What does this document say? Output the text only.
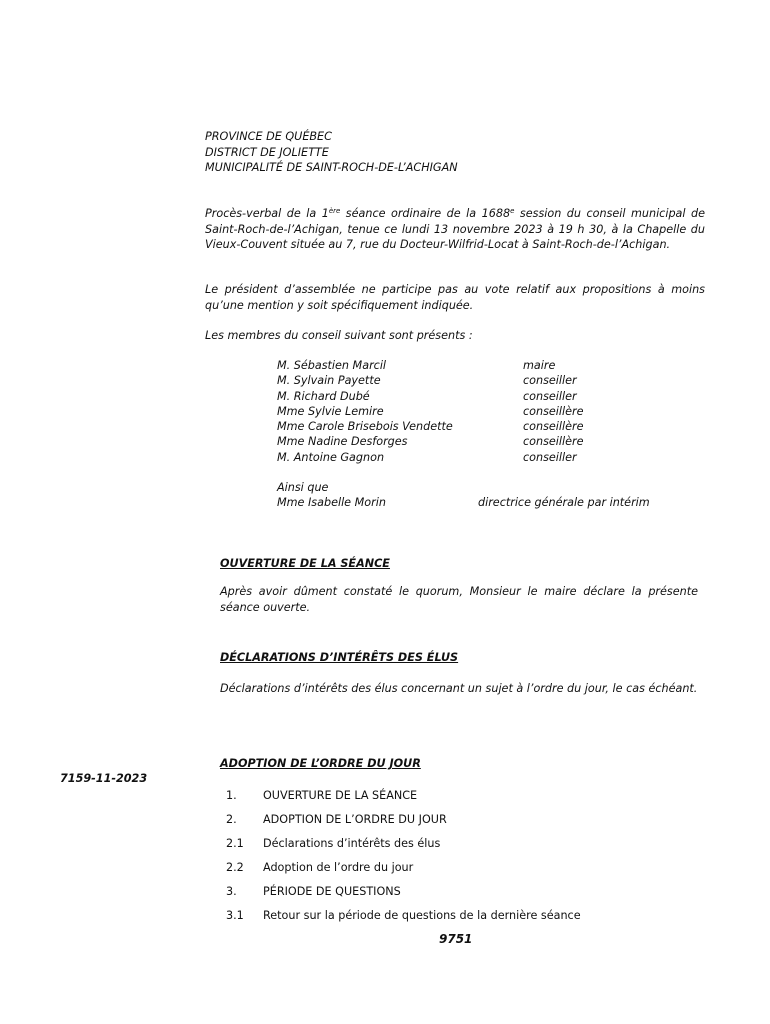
PROVINCE DE QUÉBEC
DISTRICT DE JOLIETTE
MUNICIPALITÉ DE SAINT-ROCH-DE-L’ACHIGAN
Procès-verbal de la 1ère séance ordinaire de la 1688e session du conseil municipal de Saint-Roch-de-l’Achigan, tenue ce lundi 13 novembre 2023 à 19 h 30, à la Chapelle du Vieux-Couvent située au 7, rue du Docteur-Wilfrid-Locat à Saint-Roch-de-l’Achigan.
Le président d’assemblée ne participe pas au vote relatif aux propositions à moins qu’une mention y soit spécifiquement indiquée.
Les membres du conseil suivant sont présents :
M. Sébastien Marcil	maire
M. Sylvain Payette	conseiller
M. Richard Dubé	conseiller
Mme Sylvie Lemire	conseillère
Mme Carole Brisebois Vendette	conseillère
Mme Nadine Desforges	conseillère
M. Antoine Gagnon	conseiller
Ainsi que
Mme Isabelle Morin	directrice générale par intérim
OUVERTURE DE LA SÉANCE
Après avoir dûment constaté le quorum, Monsieur le maire déclare la présente séance ouverte.
DÉCLARATIONS D’INTÉRÊTS DES ÉLUS
Déclarations d’intérêts des élus concernant un sujet à l’ordre du jour, le cas échéant.
ADOPTION DE L’ORDRE DU JOUR
7159-11-2023
1.	OUVERTURE DE LA SÉANCE
2.	ADOPTION DE L’ORDRE DU JOUR
2.1	Déclarations d’intérêts des élus
2.2	Adoption de l’ordre du jour
3.	PÉRIODE DE QUESTIONS
3.1	Retour sur la période de questions de la dernière séance
9751
